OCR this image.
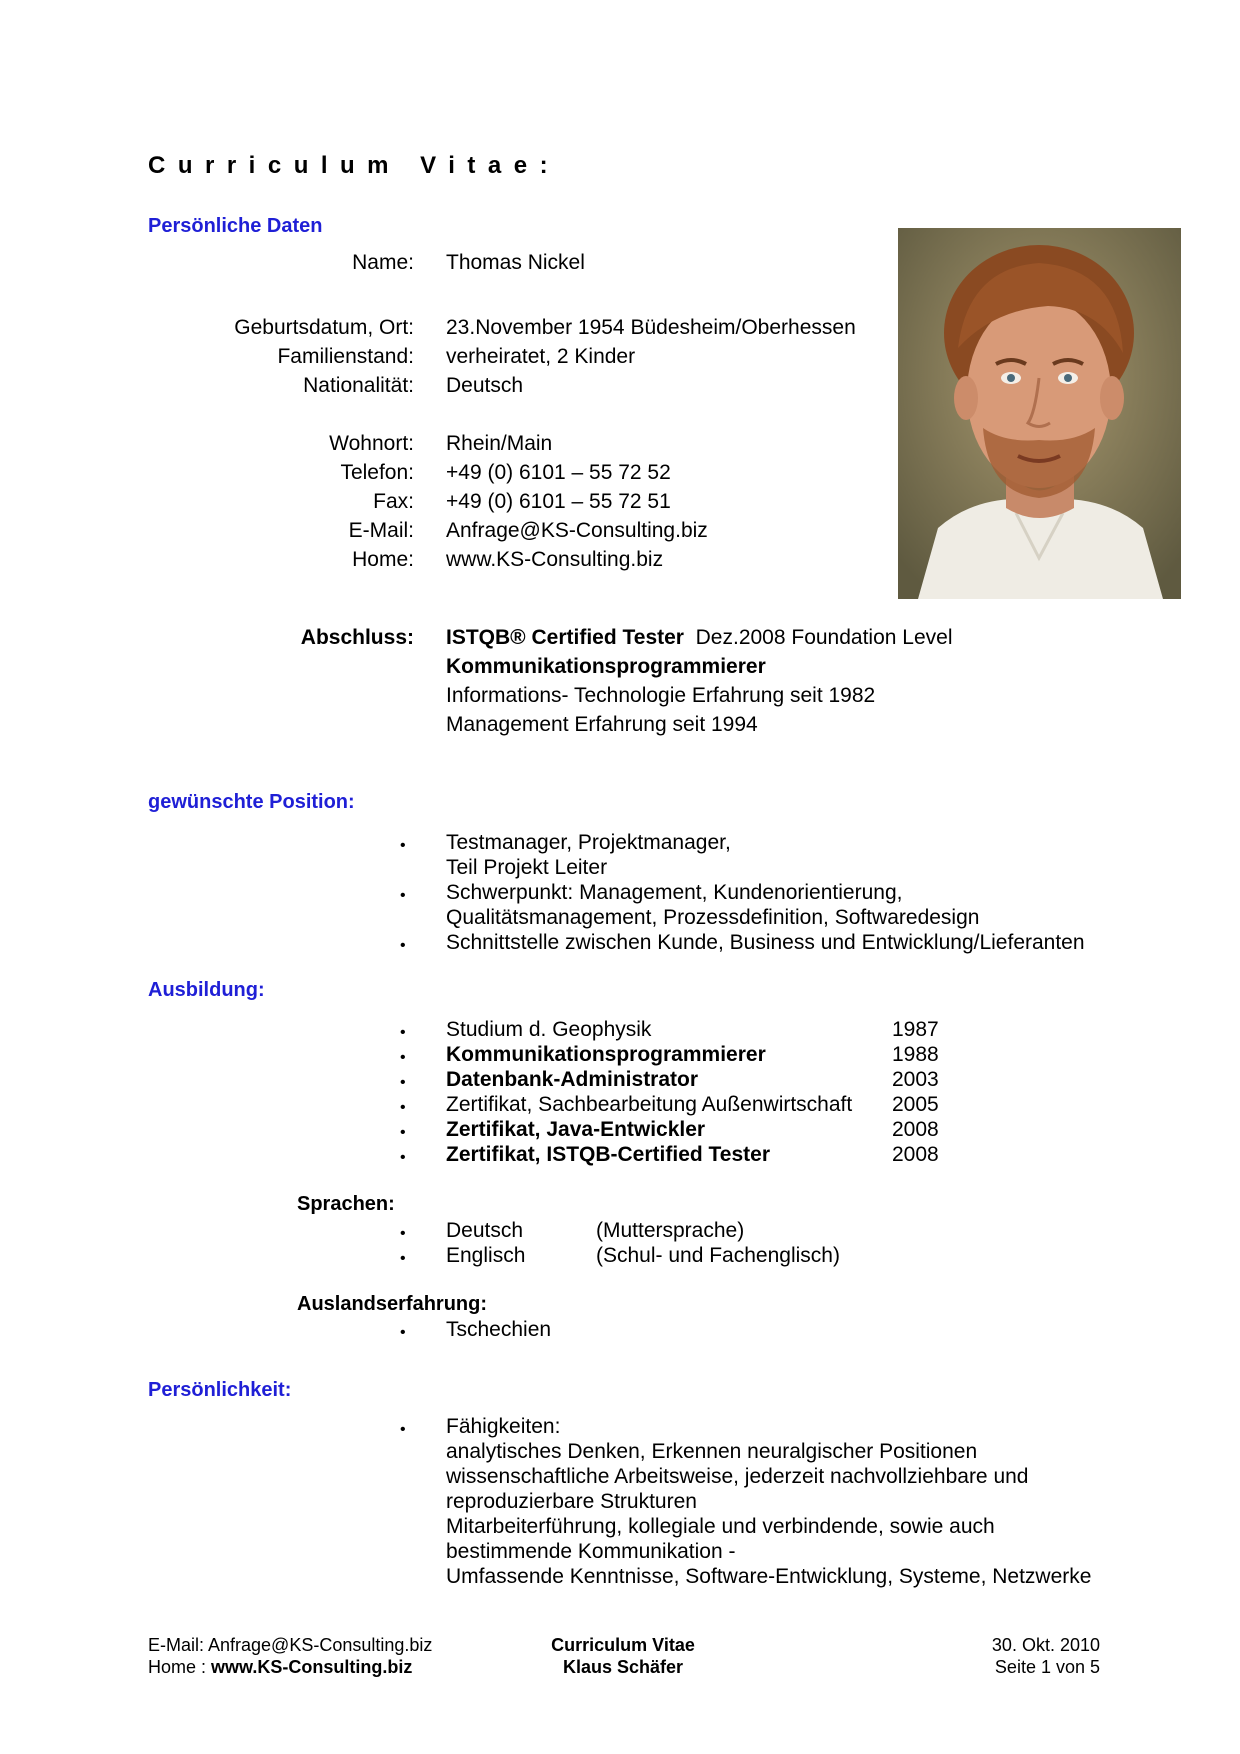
Curriculum Vitae:
Persönliche Daten
Name: Thomas Nickel
Geburtsdatum, Ort: 23.November 1954 Büdesheim/Oberhessen
Familienstand: verheiratet, 2 Kinder
Nationalität: Deutsch
Wohnort: Rhein/Main
Telefon: +49 (0) 6101 – 55 72 52
Fax: +49 (0) 6101 – 55 72 51
E-Mail: Anfrage@KS-Consulting.biz
Home: www.KS-Consulting.biz
Abschluss: ISTQB® Certified Tester Dez.2008 Foundation Level
Kommunikationsprogrammierer
Informations- Technologie Erfahrung seit 1982
Management Erfahrung seit 1994
gewünschte Position:
• Testmanager, Projektmanager,
Teil Projekt Leiter
• Schwerpunkt: Management, Kundenorientierung,
Qualitätsmanagement, Prozessdefinition, Softwaredesign
• Schnittstelle zwischen Kunde, Business und Entwicklung/Lieferanten
Ausbildung:
• Studium d. Geophysik	1987
• Kommunikationsprogrammierer	1988
• Datenbank-Administrator	2003
• Zertifikat, Sachbearbeitung Außenwirtschaft 2005
• Zertifikat, Java-Entwickler	2008
• Zertifikat, ISTQB-Certified Tester	2008
Sprachen:
• Deutsch	(Muttersprache)
• Englisch	(Schul- und Fachenglisch)
Auslandserfahrung:
• Tschechien
Persönlichkeit:
• Fähigkeiten:
analytisches Denken, Erkennen neuralgischer Positionen
wissenschaftliche Arbeitsweise, jederzeit nachvollziehbare und
reproduzierbare Strukturen
Mitarbeiterführung, kollegiale und verbindende, sowie auch
bestimmende Kommunikation -
Umfassende Kenntnisse, Software-Entwicklung, Systeme, Netzwerke
E-Mail: Anfrage@KS-Consulting.biz
Home : www.KS-Consulting.biz
Curriculum Vitae
Klaus Schäfer
30. Okt. 2010
Seite 1 von 5
